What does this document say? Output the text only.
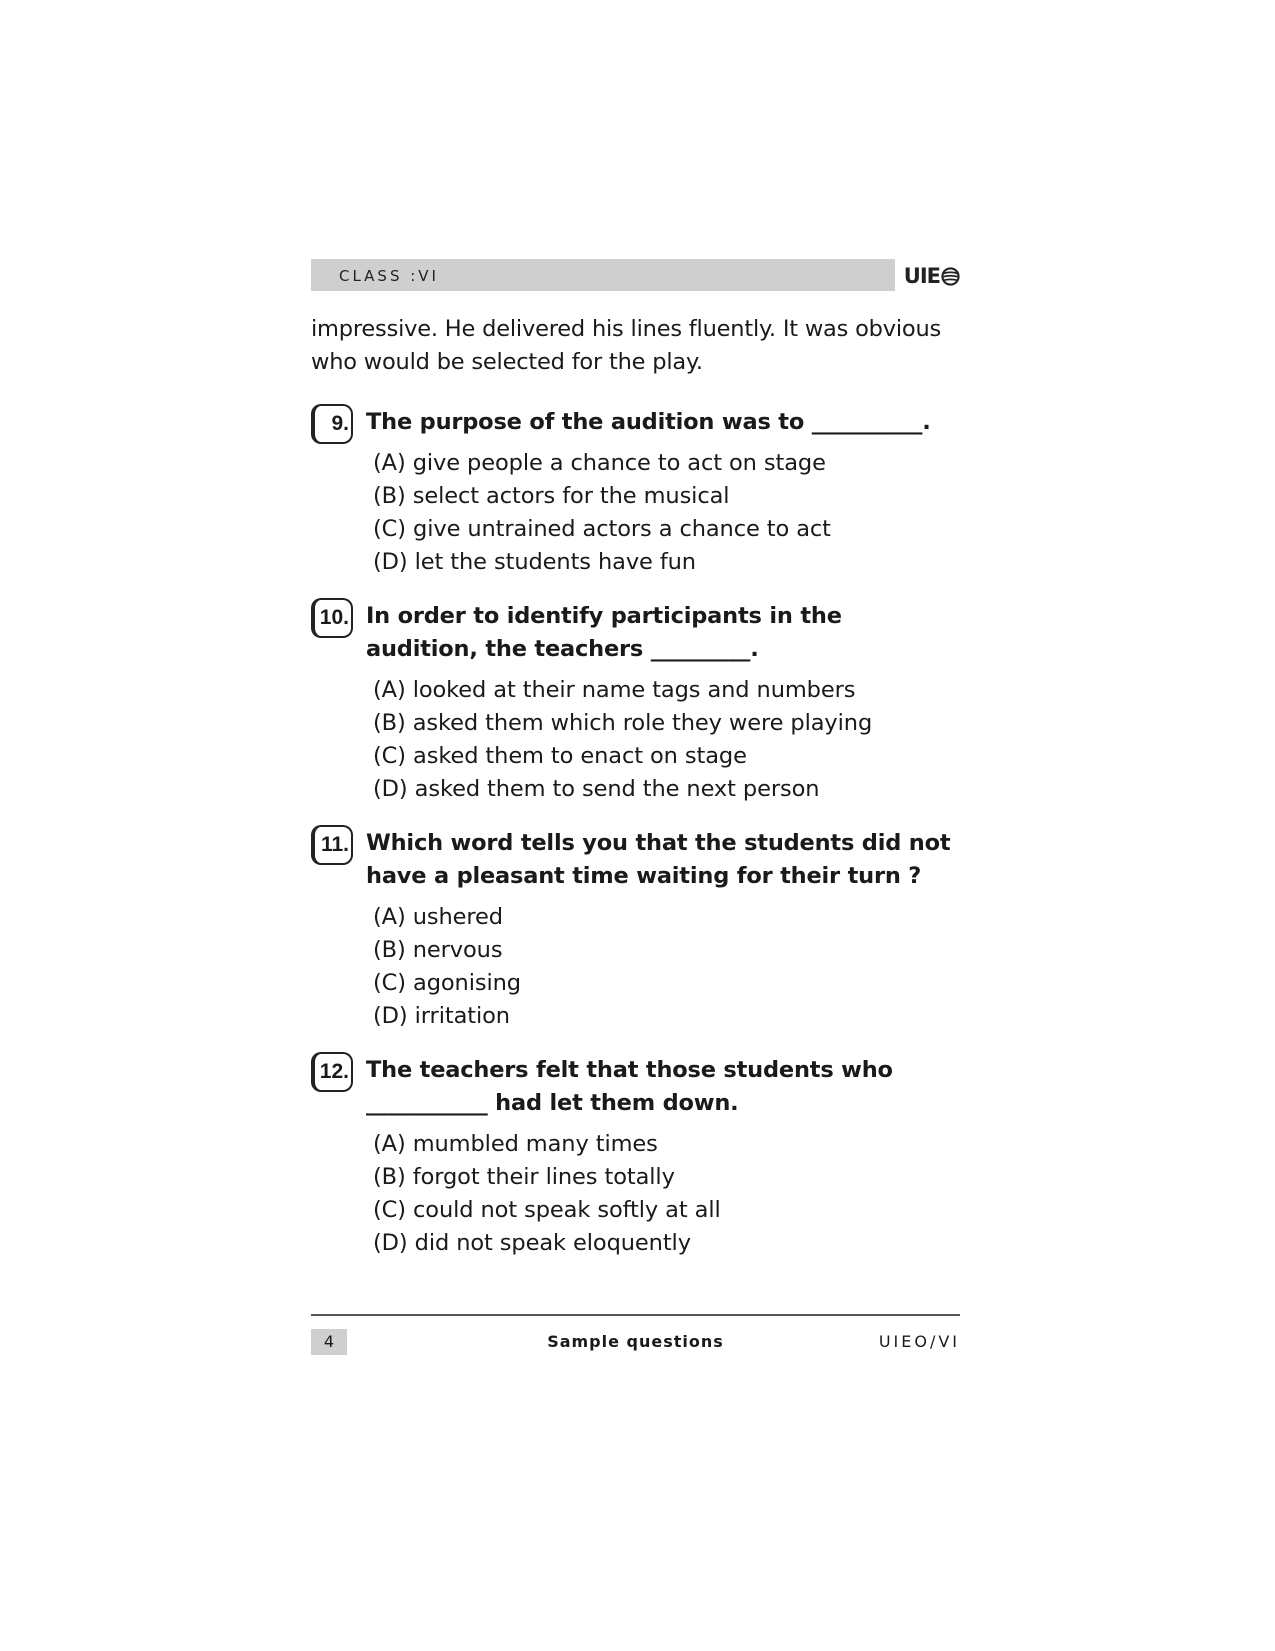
CLASS :VI	UIE

impressive. He delivered his lines fluently. It was obvious who would be selected for the play.

9. The purpose of the audition was to __________.
(A) give people a chance to act on stage
(B) select actors for the musical
(C) give untrained actors a chance to act
(D) let the students have fun
10. In order to identify participants in the audition, the teachers _________.
(A) looked at their name tags and numbers
(B) asked them which role they were playing
(C) asked them to enact on stage
(D) asked them to send the next person
11. Which word tells you that the students did not have a pleasant time waiting for their turn ?
(A) ushered
(B) nervous
(C) agonising
(D) irritation
12. The teachers felt that those students who ___________ had let them down.
(A) mumbled many times
(B) forgot their lines totally
(C) could not speak softly at all
(D) did not speak eloquently
4	Sample questions	UIEO/VI
